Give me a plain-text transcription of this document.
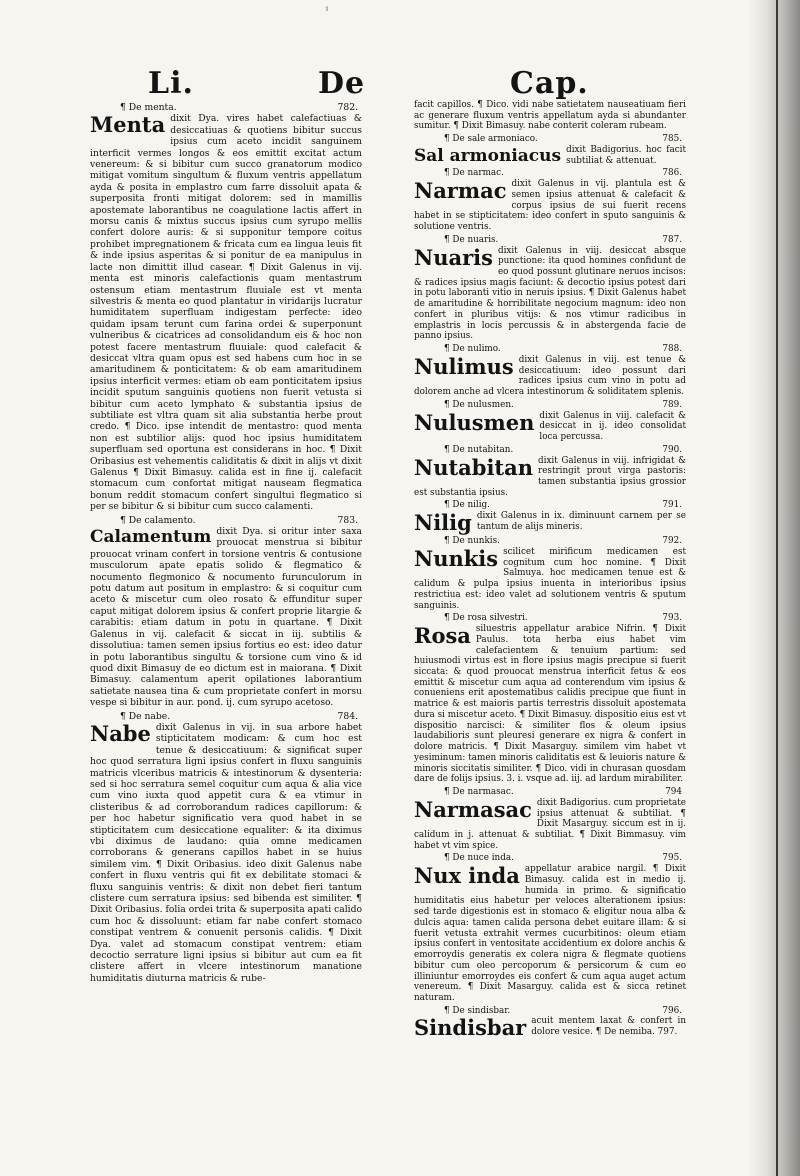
¹
Li.	De	Cap.
¶ De menta.	782.

Menta dixit Dya. vires habet calefactiuas & desiccatiuas & quotiens bibitur succus ipsius cum aceto incidit sanguinem interficit vermes longos & eos emittit excitat actum venereum: & si bibitur cum succo granatorum modico mitigat vomitum singultum & fluxum ventris appellatum ayda & posita in emplastro cum farre dissoluit apata & superposita fronti mitigat dolorem: sed in mamillis apostemate laborantibus ne coagulatione lactis affert in morsu canis & mixtus succus ipsius cum syrupo mellis confert dolore auris: & si supponitur tempore coitus prohibet impregnationem & fricata cum ea lingua leuis fit & inde ipsius asperitas & si ponitur de ea manipulus in lacte non dimittit illud casear. ¶ Dixit Galenus in vij. menta est minoris calefactionis quam mentastrum ostensum etiam mentastrum fluuiale est vt menta silvestris & menta eo quod plantatur in viridarijs lucratur humiditatem superfluam indigestam perfecte: ideo quidam ipsam terunt cum farina ordei & superponunt vulneribus & cicatrices ad consolidandum eis & hoc non potest facere mentastrum fluuiale: quod calefacit & desiccat vltra quam opus est sed habens cum hoc in se amaritudinem & ponticitatem: & ob eam amaritudinem ipsius interficit vermes: etiam ob eam ponticitatem ipsius incidit sputum sanguinis quotiens non fuerit vetusta si bibitur cum aceto lymphato & substantia ipsius de subtiliate est vltra quam sit alia substantia herbe prout credo. ¶ Dico. ipse intendit de mentastro: quod menta non est subtilior alijs: quod hoc ipsius humiditatem superfluam sed oportuna est considerans in hoc. ¶ Dixit Oribasius est vehementis caliditatis & dixit in alijs vt dixit Galenus ¶ Dixit Bimasuy. calida est in fine ij. calefacit stomacum cum confortat mitigat nauseam flegmatica bonum reddit stomacum confert singultui flegmatico si per se bibitur & si bibitur cum succo calamenti.

¶ De calamento.	783.

Calamentum dixit Dya. si oritur inter saxa prouocat menstrua si bibitur prouocat vrinam confert in torsione ventris & contusione musculorum apate epatis solido & flegmatico & nocumento flegmonico & nocumento furunculorum in potu datum aut positum in emplastro: & si coquitur cum aceto & miscetur cum oleo rosato & effunditur super caput mitigat dolorem ipsius & confert proprie litargie & carabitis: etiam datum in potu in quartane. ¶ Dixit Galenus in vij. calefacit & siccat in iij. subtilis & dissolutiua: tamen semen ipsius fortius eo est: ideo datur in potu laborantibus singultu & torsione cum vino & id quod dixit Bimasuy de eo dictum est in maiorana. ¶ Dixit Bimasuy. calamentum aperit opilationes laborantium satietate nausea tina & cum proprietate confert in morsu vespe si bibitur in aur. pond. ij. cum syrupo acetoso.

¶ De nabe.	784.

Nabe dixit Galenus in vij. in sua arbore habet stipticitatem modicam: & cum hoc est tenue & desiccatiuum: & significat super hoc quod serratura ligni ipsius confert in fluxu sanguinis matricis vlceribus matricis & intestinorum & dysenteria: sed si hoc serratura semel coquitur cum aqua & alia vice cum vino iuxta quod appetit cura & ea vtimur in clisteribus & ad corroborandum radices capillorum: & per hoc habetur significatio vera quod habet in se stipticitatem cum desiccatione equaliter: & ita diximus vbi diximus de laudano: quia omne medicamen corroborans & generans capillos habet in se huius similem vim. ¶ Dixit Oribasius. ideo dixit Galenus nabe confert in fluxu ventris qui fit ex debilitate stomaci & fluxu sanguinis ventris: & dixit non debet fieri tantum clistere cum serratura ipsius: sed bibenda est similiter. ¶ Dixit Oribasius. folia ordei trita & superposita apati calido cum hoc & dissoluunt: etiam far nabe confert stomaco constipat ventrem & conuenit personis calidis. ¶ Dixit Dya. valet ad stomacum constipat ventrem: etiam decoctio serrature ligni ipsius si bibitur aut cum ea fit clistere affert in vlcere intestinorum manatione humiditatis diuturna matricis & rube-

facit capillos. ¶ Dico. vidi nabe satietatem nauseatiuam fieri ac generare fluxum ventris appellatum ayda si abundanter sumitur. ¶ Dixit Bimasuy. nabe conterit coleram rubeam.

¶ De sale armoniaco.	785.

Sal armoniacus dixit Badigorius. hoc facit subtiliat & attenuat.

¶ De narmac.	786.

Narmac dixit Galenus in vij. plantula est & semen ipsius attenuat & calefacit & corpus ipsius de sui fuerit recens habet in se stipticitatem: ideo confert in sputo sanguinis & solutione ventris.

¶ De nuaris.	787.

Nuaris dixit Galenus in viij. desiccat absque punctione: ita quod homines confidunt de eo quod possunt glutinare neruos incisos: & radices ipsius magis faciunt: & decoctio ipsius potest dari in potu laboranti vitio in neruis ipsius. ¶ Dixit Galenus habet de amaritudine & horribilitate negocium magnum: ideo non confert in pluribus vitijs: & nos vtimur radicibus in emplastris in locis percussis & in abstergenda facie de panno ipsius.

¶ De nulimo.	788.

Nulimus dixit Galenus in viij. est tenue & desiccatiuum: ideo possunt dari radices ipsius cum vino in potu ad dolorem anche ad vlcera intestinorum & soliditatem splenis.

¶ De nulusmen.	789.

Nulusmen dixit Galenus in viij. calefacit & desiccat in ij. ideo consolidat loca percussa.

¶ De nutabitan.	790.

Nutabitan dixit Galenus in viij. infrigidat & restringit prout virga pastoris: tamen substantia ipsius grossior est substantia ipsius.

¶ De nilig.	791.

Nilig dixit Galenus in ix. diminuunt carnem per se tantum de alijs mineris.

¶ De nunkis.	792.

Nunkis scilicet mirificum medicamen est cognitum cum hoc nomine. ¶ Dixit Salmuya. hoc medicamen tenue est & calidum & pulpa ipsius inuenta in interioribus ipsius restrictiua est: ideo valet ad solutionem ventris & sputum sanguinis.

¶ De rosa silvestri.	793.

Rosa siluestris appellatur arabice Nifrin. ¶ Dixit Paulus. tota herba eius habet vim calefacientem & tenuium partium: sed huiusmodi virtus est in flore ipsius magis precipue si fuerit siccata: & quod prouocat menstrua interficit fetus & eos emittit & miscetur cum aqua ad conterendum vim ipsius & conueniens erit apostematibus calidis precipue que fiunt in matrice & est maioris partis terrestris dissoluit apostemata dura si miscetur aceto. ¶ Dixit Bimasuy. dispositio eius est vt dispositio narcisci: & similiter flos & oleum ipsius laudabilioris sunt pleuresi generare ex nigra & confert in dolore matricis. ¶ Dixit Masarguy. similem vim habet vt yesiminum: tamen minoris caliditatis est & leuioris nature & minoris siccitatis similiter. ¶ Dico. vidi in churasan quosdam dare de folijs ipsius. 3. i. vsque ad. iij. ad lardum mirabiliter.

¶ De narmasac.	794

Narmasac dixit Badigorius. cum proprietate ipsius attenuat & subtiliat. ¶ Dixit Masarguy. siccum est in ij. calidum in j. attenuat & subtiliat. ¶ Dixit Bimmasuy. vim habet vt vim spice.

¶ De nuce inda.	795.

Nux inda appellatur arabice nargil. ¶ Dixit Bimasuy. calida est in medio ij. humida in primo. & significatio humiditatis eius habetur per veloces alterationem ipsius: sed tarde digestionis est in stomaco & eligitur noua alba & dulcis aqua: tamen calida persona debet euitare illam: & si fuerit vetusta extrahit vermes cucurbitinos: oleum etiam ipsius confert in ventositate accidentium ex dolore anchis & emorroydis generatis ex colera nigra & flegmate quotiens bibitur cum oleo percoporum & persicorum & cum eo illiniuntur emorroydes eis confert & cum aqua auget actum venereum. ¶ Dixit Masarguy. calida est & sicca retinet naturam.

¶ De sindisbar.	796.

Sindisbar acuit mentem laxat & confert in dolore vesice. ¶ De nemiba. 797.
